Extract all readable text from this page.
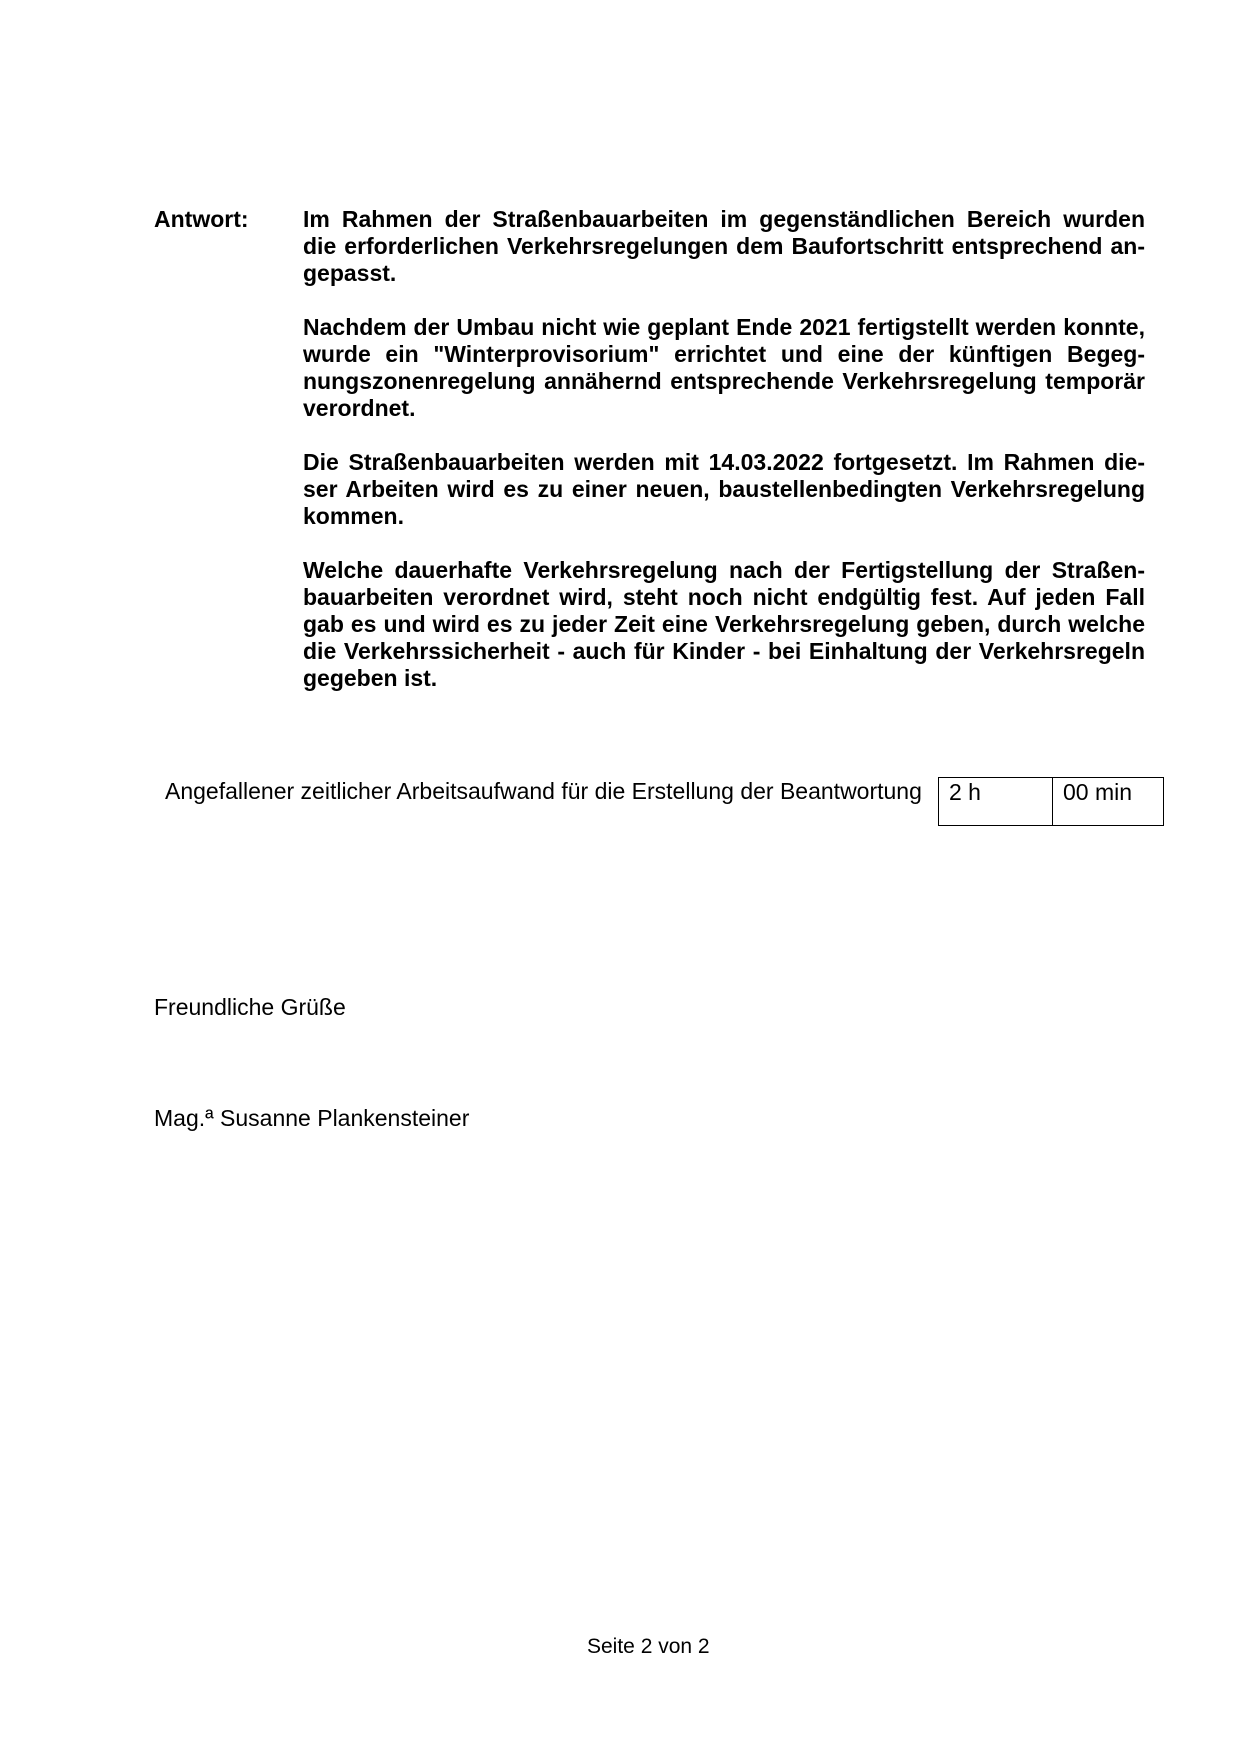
Antwort: Im Rahmen der Straßenbauarbeiten im gegenständlichen Bereich wurden
die erforderlichen Verkehrsregelungen dem Baufortschritt entsprechend an-
gepasst.
Nachdem der Umbau nicht wie geplant Ende 2021 fertigstellt werden konnte,
wurde ein "Winterprovisorium" errichtet und eine der künftigen Begeg-
nungszonenregelung annähernd entsprechende Verkehrsregelung temporär
verordnet.
Die Straßenbauarbeiten werden mit 14.03.2022 fortgesetzt. Im Rahmen die-
ser Arbeiten wird es zu einer neuen, baustellenbedingten Verkehrsregelung
kommen.
Welche dauerhafte Verkehrsregelung nach der Fertigstellung der Straßen-
bauarbeiten verordnet wird, steht noch nicht endgültig fest. Auf jeden Fall
gab es und wird es zu jeder Zeit eine Verkehrsregelung geben, durch welche
die Verkehrssicherheit - auch für Kinder - bei Einhaltung der Verkehrsregeln
gegeben ist.
Angefallener zeitlicher Arbeitsaufwand für die Erstellung der Beantwortung	2 h	00 min
Freundliche Grüße
Mag.ª Susanne Plankensteiner
Seite 2 von 2
